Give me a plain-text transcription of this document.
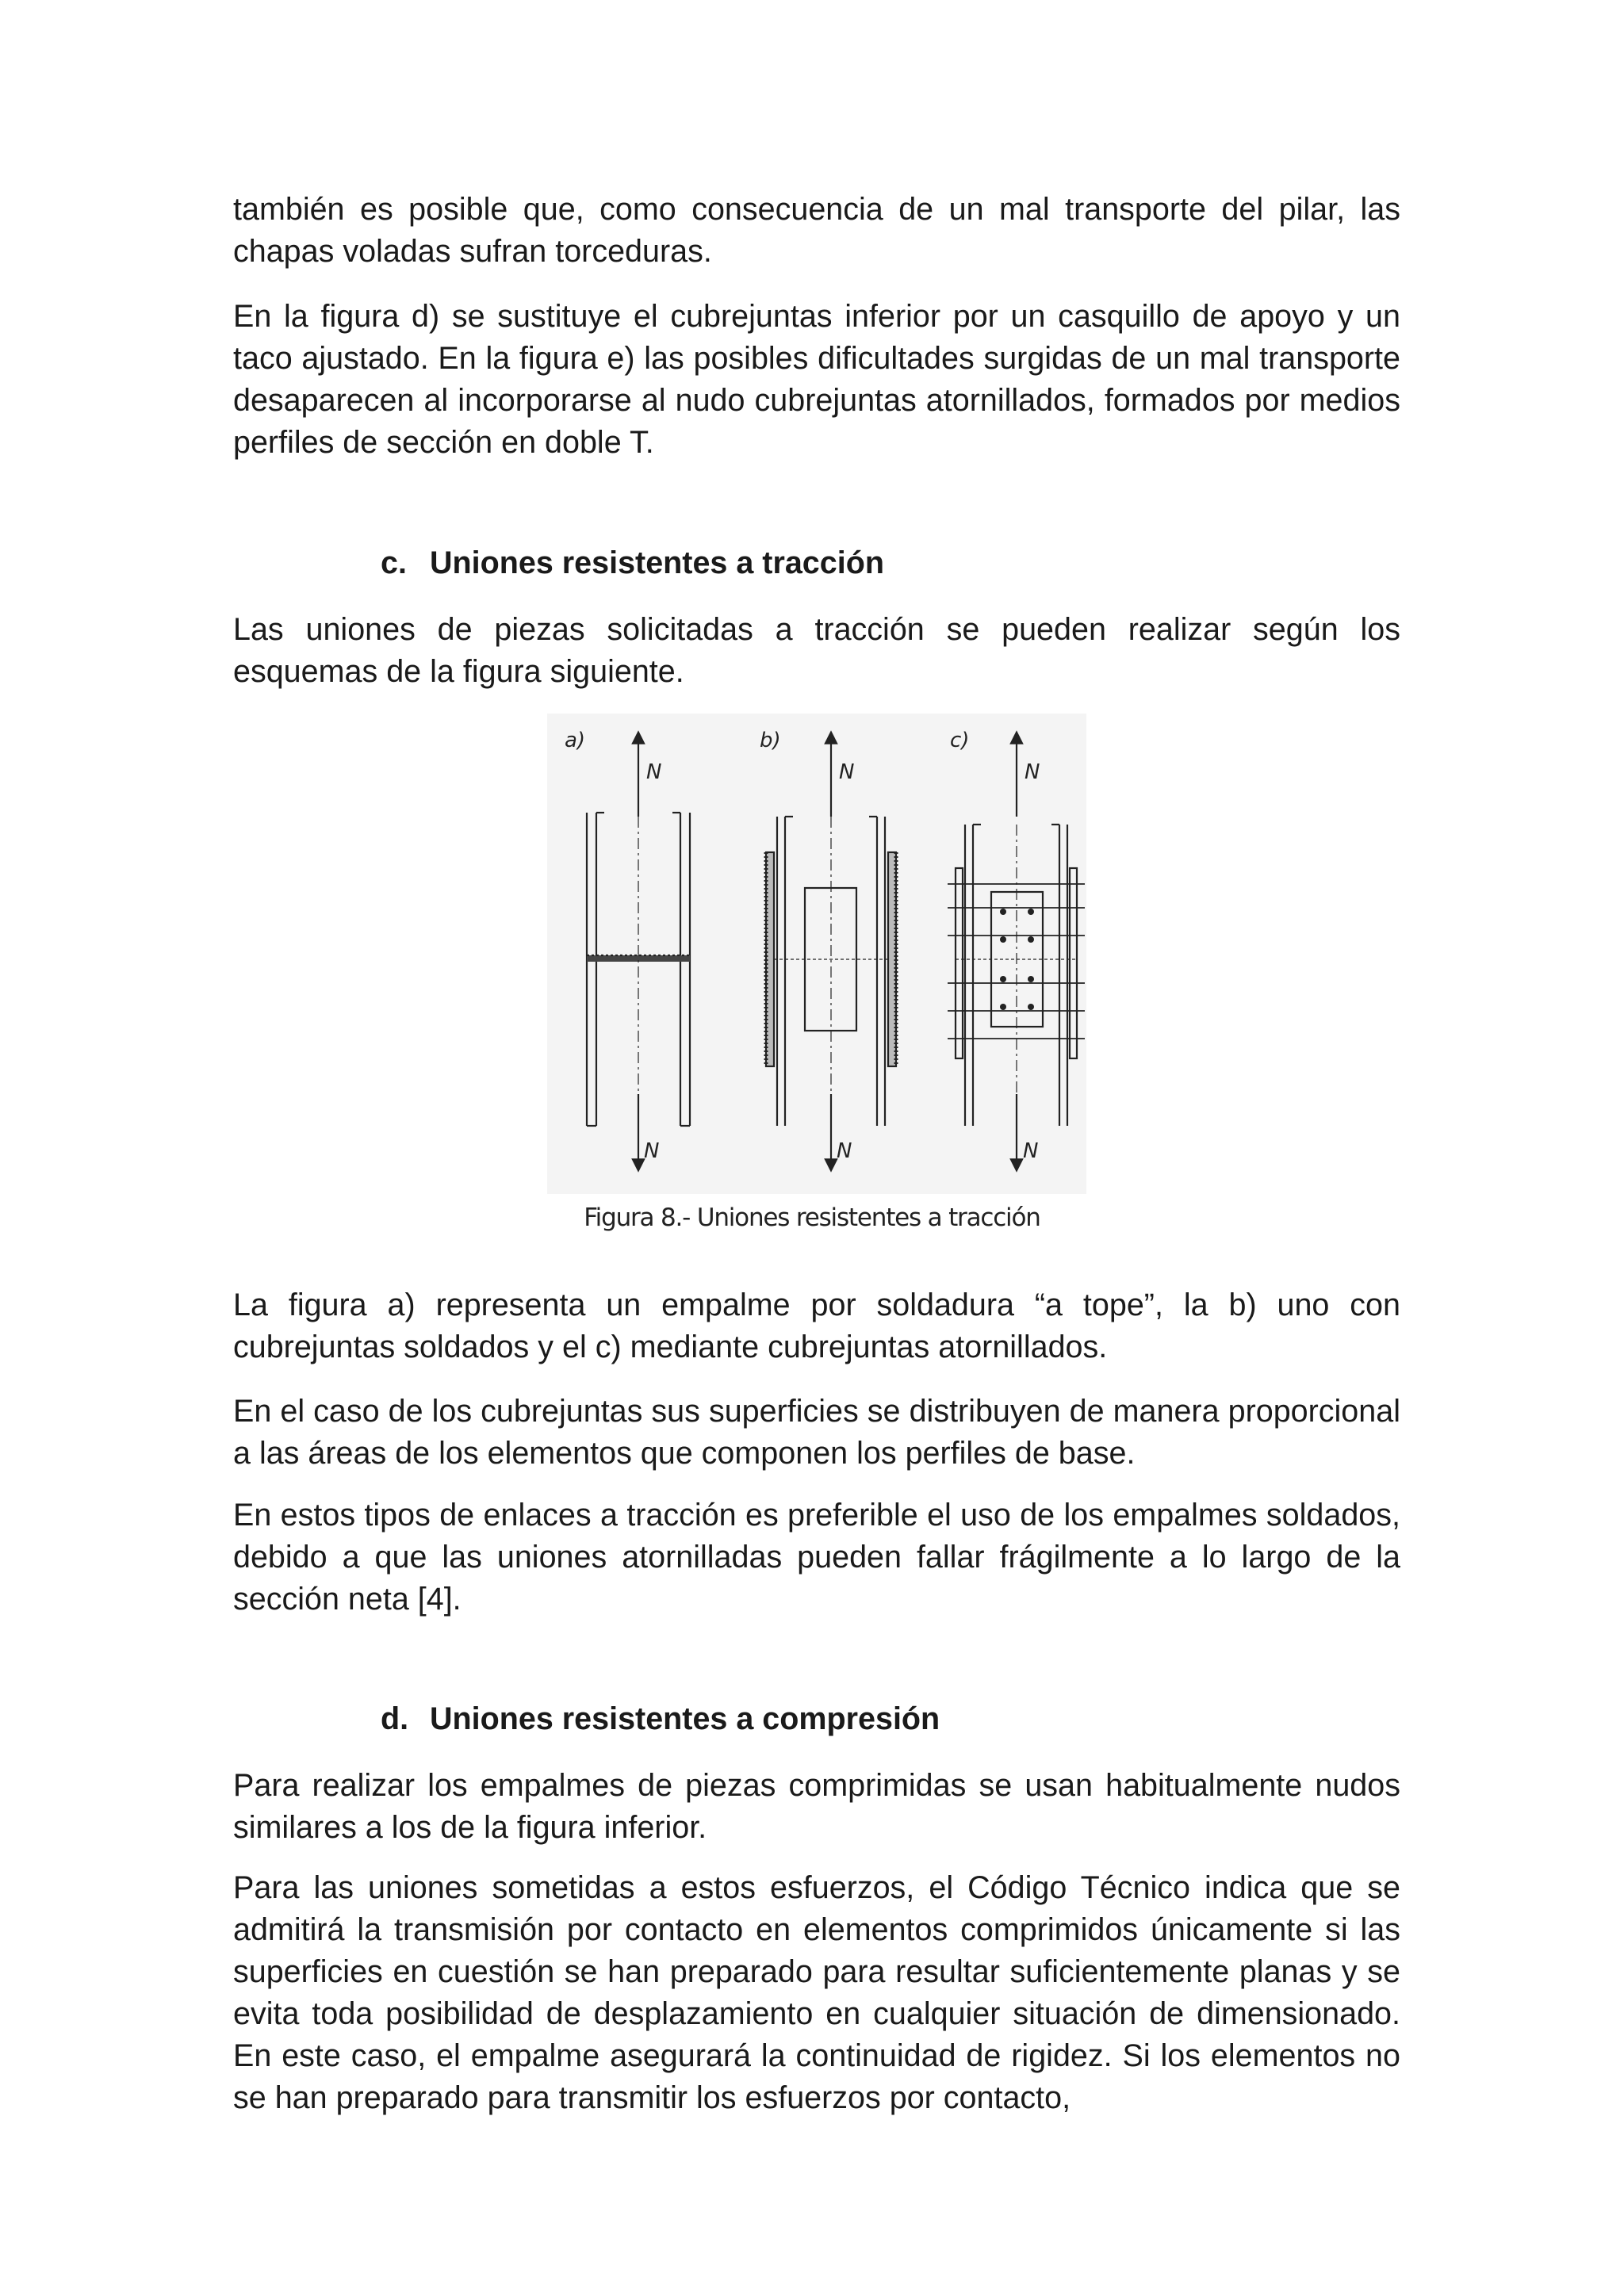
también es posible que, como consecuencia de un mal transporte del pilar, las chapas voladas sufran torceduras.

En la figura d) se sustituye el cubrejuntas inferior por un casquillo de apoyo y un taco ajustado. En la figura e) las posibles dificultades surgidas de un mal transporte desaparecen al incorporarse al nudo cubrejuntas atornillados, formados por medios perfiles de sección en doble T.

c. Uniones resistentes a tracción

Las uniones de piezas solicitadas a tracción se pueden realizar según los esquemas de la figura siguiente.

a)
N
N
b)
N
N
c)
N
N
Figura 8.- Uniones resistentes a tracción

La figura a) representa un empalme por soldadura “a tope”, la b) uno con cubrejuntas soldados y el c) mediante cubrejuntas atornillados.

En el caso de los cubrejuntas sus superficies se distribuyen de manera proporcional a las áreas de los elementos que componen los perfiles de base.

En estos tipos de enlaces a tracción es preferible el uso de los empalmes soldados, debido a que las uniones atornilladas pueden fallar frágilmente a lo largo de la sección neta [4].

d. Uniones resistentes a compresión

Para realizar los empalmes de piezas comprimidas se usan habitualmente nudos similares a los de la figura inferior.

Para las uniones sometidas a estos esfuerzos, el Código Técnico indica que se admitirá la transmisión por contacto en elementos comprimidos únicamente si las superficies en cuestión se han preparado para resultar suficientemente planas y se evita toda posibilidad de desplazamiento en cualquier situación de dimensionado. En este caso, el empalme asegurará la continuidad de rigidez. Si los elementos no se han preparado para transmitir los esfuerzos por contacto,
